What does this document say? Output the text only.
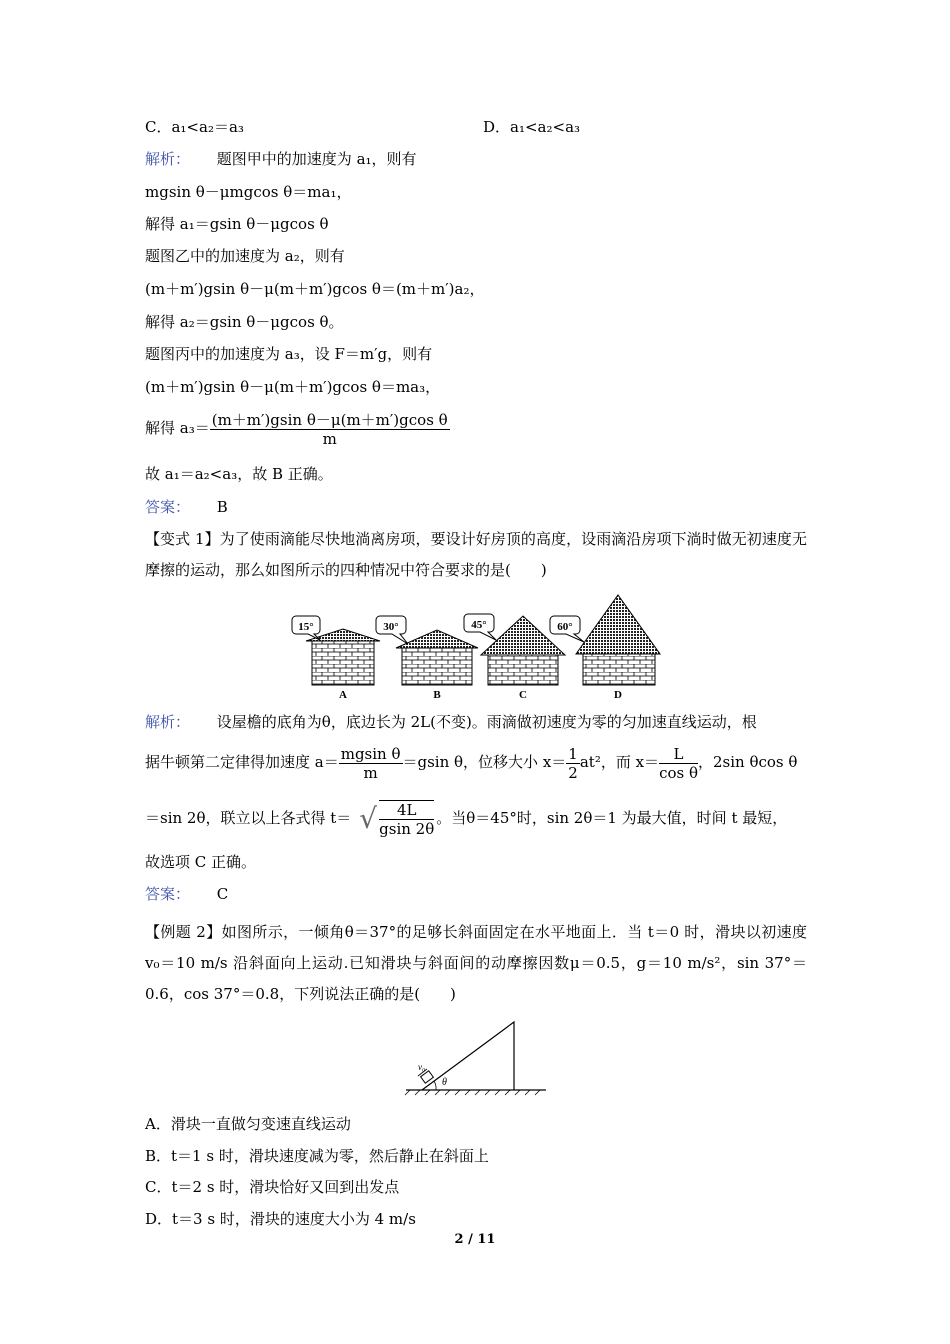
C．a₁<a₂＝a₃	D．a₁<a₂<a₃
解析： 题图甲中的加速度为 a₁，则有
mgsin θ－μmgcos θ＝ma₁，
解得 a₁＝gsin θ－μgcos θ
题图乙中的加速度为 a₂，则有
(m＋m′)gsin θ－μ(m＋m′)gcos θ＝(m＋m′)a₂，
解得 a₂＝gsin θ－μgcos θ。
题图丙中的加速度为 a₃，设 F＝m′g，则有
(m＋m′)gsin θ－μ(m＋m′)gcos θ＝ma₃，
解得 $a_3= \frac{\text{(m＋m′)gsin θ－μ(m＋m′)gcos θ}}{m}$
故 a₁＝a₂<a₃，故 B 正确。
答案： B
【变式 1】为了使雨滴能尽快地淌离房项，要设计好房顶的高度，设雨滴沿房项下淌时做无初速度无摩擦的运动，那么如图所示的四种情况中符合要求的是(　　)
15°
A
30°
B
45°
C
60°
D
解析： 设屋檐的底角为θ，底边长为 2L(不变)。雨滴做初速度为零的匀加速直线运动，根
据牛顿第二定律得加速度 $a= \frac{\text{mgsin θ}}{m} =gsin$ θ，位移大小 $x= \frac{1}{2} at^2$，而 $x= \frac{L}{\text{cos θ}}$ ，2sin θcos θ
＝sin 2θ，联立以上各式得 t＝ √ $\frac{4L}{gsin 2\theta}$ 。当θ＝45°时，sin 2θ＝1 为最大值，时间 t 最短，
故选项 C 正确。
答案： C
【例题 2】如图所示，一倾角θ＝37°的足够长斜面固定在水平地面上．当 t＝0 时，滑块以初速度 v₀＝10 m/s 沿斜面向上运动.已知滑块与斜面间的动摩擦因数μ＝0.5，g＝10 m/s²，sin 37°＝0.6，cos 37°＝0.8，下列说法正确的是(　　)
v₀
θ
A．滑块一直做匀变速直线运动
B．t＝1 s 时，滑块速度减为零，然后静止在斜面上
C．t＝2 s 时，滑块恰好又回到出发点
D．t＝3 s 时，滑块的速度大小为 4 m/s
2 / 11
